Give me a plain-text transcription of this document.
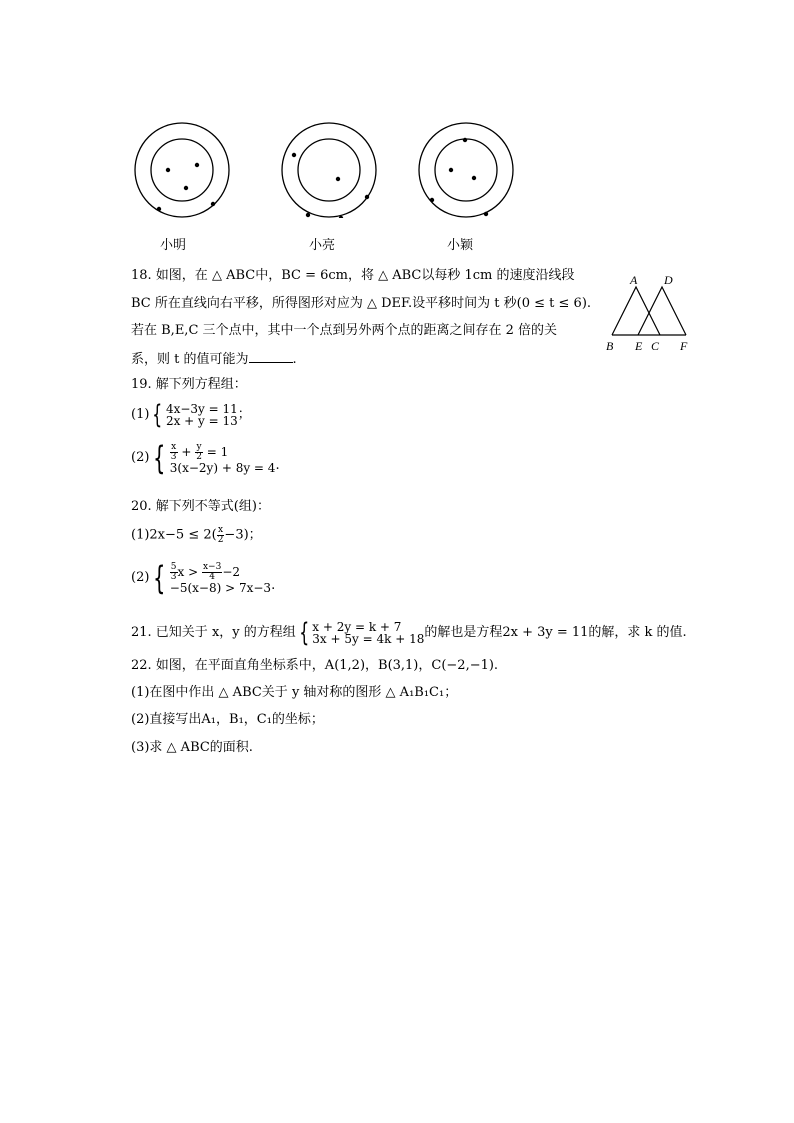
小明	小亮	小颖
18. 如图，在 △ ABC中，BC = 6cm，将 △ ABC以每秒 1cm 的速度沿线段
BC 所在直线向右平移，所得图形对应为 △ DEF.设平移时间为 t 秒(0 ≤ t ≤ 6).
若在 B,E,C 三个点中，其中一个点到另外两个点的距离之间存在 2 倍的关
系，则 t 的值可能为	.
A D
B E C F
19. 解下列方程组：
(1) { 4x−3y = 11
2x + y = 13 ；
(2) { $\frac{x}{3} + \frac{y}{2} = 1$
3(x−2y) + 8y = 4 .
20. 解下列不等式(组)：
$(1)2x-5 \le 2( \frac{x}{2} -3)$；
(2) { $\frac{5}{3}$ $x > \frac{x-3}{4} -2$
−5(x−8) > 7x−3 .
21. 已知关于 x，y 的方程组 { x + 2y = k + 7
3x + 5y = 4k + 18 的解也是方程2x + 3y = 11的解，求 k 的值.
22. 如图，在平面直角坐标系中，A(1,2)，B(3,1)，C(−2,−1).
(1)在图中作出 △ ABC关于 y 轴对称的图形 △ A₁B₁C₁；
(2)直接写出A₁，B₁，C₁的坐标；
(3)求 △ ABC的面积.
